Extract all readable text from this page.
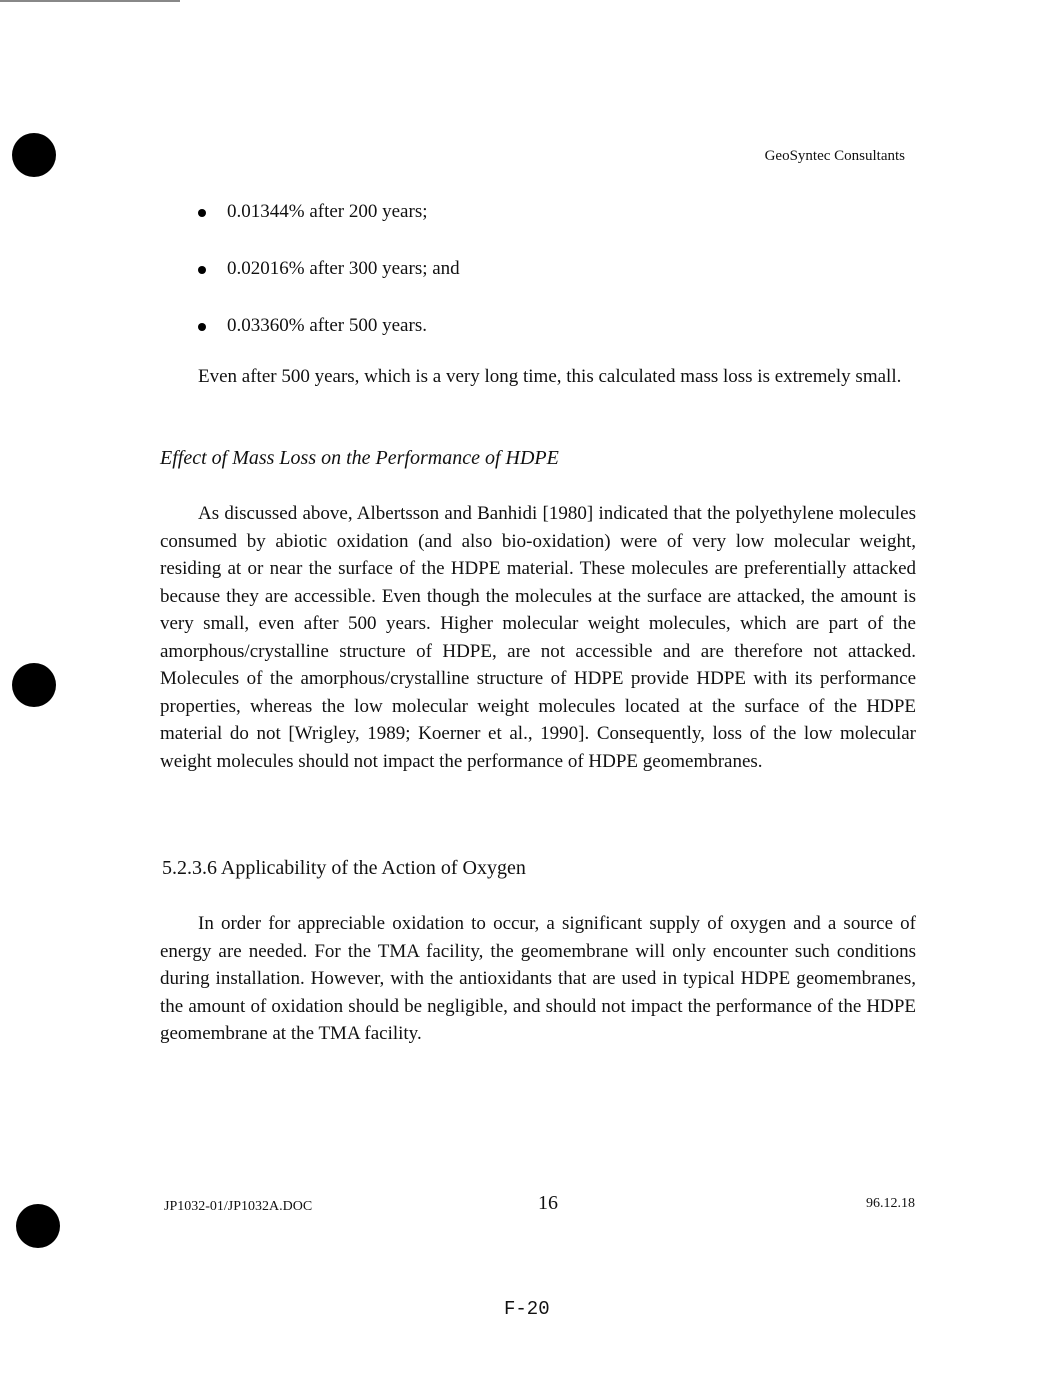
GeoSyntec Consultants
0.01344% after 200 years;
0.02016% after 300 years; and
0.03360% after 500 years.

Even after 500 years, which is a very long time, this calculated mass loss is extremely small.

Effect of Mass Loss on the Performance of HDPE

As discussed above, Albertsson and Banhidi [1980] indicated that the polyethylene molecules consumed by abiotic oxidation (and also bio-oxidation) were of very low molecular weight, residing at or near the surface of the HDPE material. These molecules are preferentially attacked because they are accessible. Even though the molecules at the surface are attacked, the amount is very small, even after 500 years. Higher molecular weight molecules, which are part of the amorphous/crystalline structure of HDPE, are not accessible and are therefore not attacked. Molecules of the amorphous/crystalline structure of HDPE provide HDPE with its performance properties, whereas the low molecular weight molecules located at the surface of the HDPE material do not [Wrigley, 1989; Koerner et al., 1990]. Consequently, loss of the low molecular weight molecules should not impact the performance of HDPE geomembranes.

5.2.3.6 Applicability of the Action of Oxygen

In order for appreciable oxidation to occur, a significant supply of oxygen and a source of energy are needed. For the TMA facility, the geomembrane will only encounter such conditions during installation. However, with the antioxidants that are used in typical HDPE geomembranes, the amount of oxidation should be negligible, and should not impact the performance of the HDPE geomembrane at the TMA facility.

JP1032-01/JP1032A.DOC	16	96.12.18
F-20
